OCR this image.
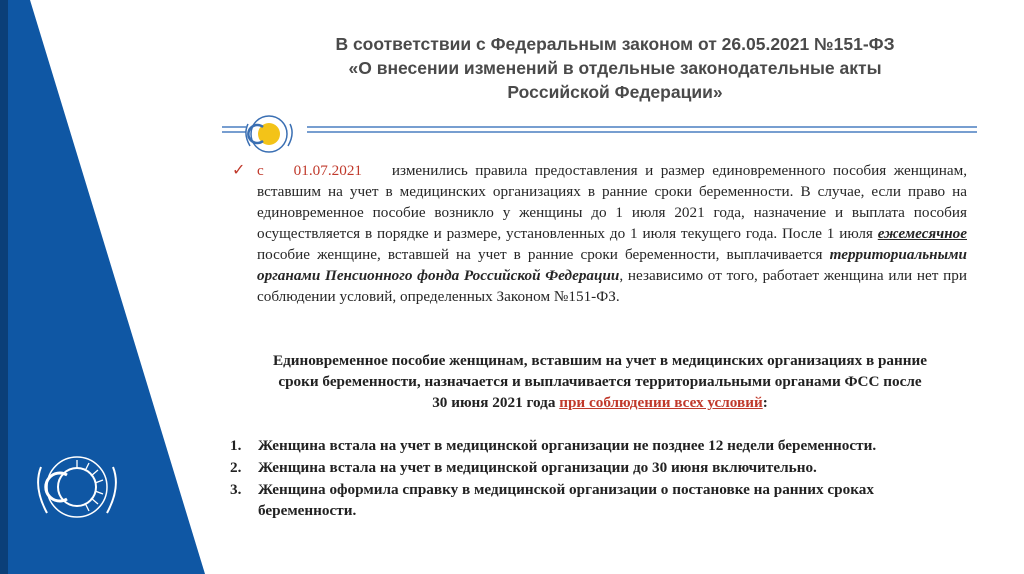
В соответствии с Федеральным законом от 26.05.2021 №151-ФЗ
«О внесении изменений в отдельные законодательные акты
Российской Федерации»
✓ с 01.07.2021 изменились правила предоставления и размер единовременного пособия женщинам, вставшим на учет в медицинских организациях в ранние сроки беременности. В случае, если право на единовременное пособие возникло у женщины до 1 июля 2021 года, назначение и выплата пособия осуществляется в порядке и размере, установленных до 1 июля текущего года. После 1 июля ежемесячное пособие женщине, вставшей на учет в ранние сроки беременности, выплачивается территориальными органами Пенсионного фонда Российской Федерации, независимо от того, работает женщина или нет при соблюдении условий, определенных Законом №151-ФЗ.
Единовременное пособие женщинам, вставшим на учет в медицинских организациях в ранние
сроки беременности, назначается и выплачивается территориальными органами ФСС после
30 июня 2021 года при соблюдении всех условий:
1.	Женщина встала на учет в медицинской организации не позднее 12 недели беременности.
2.	Женщина встала на учет в медицинской организации до 30 июня включительно.
3.	Женщина оформила справку в медицинской организации о постановке на ранних сроках беременности.
